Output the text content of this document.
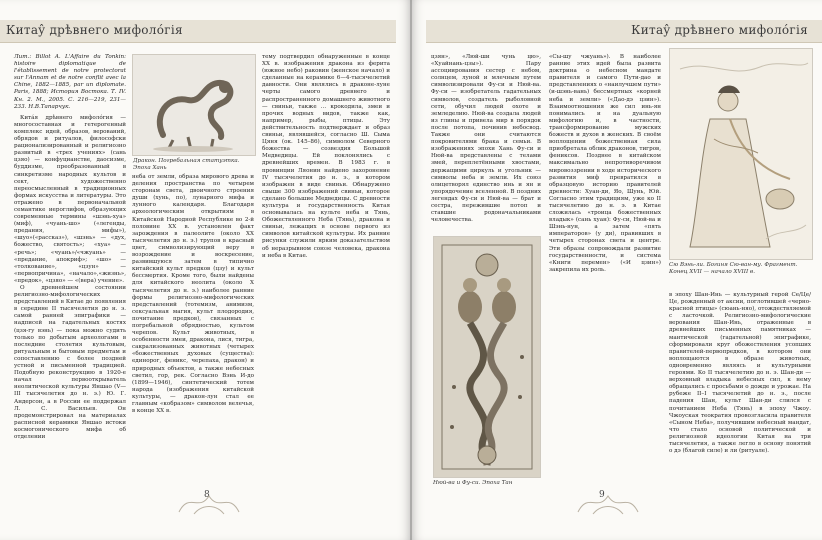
Китаŷ дрѣвнего мифолóгія

Лит.: Billot A. L'Affaire du Tonkin: histoire diplomatique de l'établissement de notre protectorat sur l'Annam et de notre conflit avec la Chine, 1882—1885, par un diplomate. Paris, 1888; История Востока. Т. IV. Кн. 2. М., 2005. С. 216—219, 231—233. Н.В.Тапарчук.

Китáя дрѣвнего мифолóгия — многосоставная и гетерогенный комплекс идей, образов, верований, обрядов и ритуалов, философски рационализированный и религиозно развитый в «трех учениях» (сань цзяо) — конфуцианстве, даосизме, буддизме, преобразованный в синкретизме народных культов и сект, художественно переосмысленный в традиционных формах искусства и литературы. Это отражено в первоначальной семантике иероглифов, образующих современные термины «шэнь-хуа» (миф), «чуань-шо» («легенды, предания, мифы»), «шуо»(«рассказ»), «шэнь» — «дух, божество, святость»; «хуа» — «речь»; «чуань»/«чжуань» — «предание, апокриф»; «шо» — «толкование», «цзун» — «первопричина», «начало»,«жизнь», «предок», «цзяо» — «(вера) учение».

О древнейшем состоянии религиозно-мифологических представлений в Китае до появления в середине II тысячелетия до н. э. самой ранней эпиграфики — надписей на гадательных костях (цзя-гу вэнь) — пока можно судить только по добытым археологами в последние столетия культовым, ритуальным и бытовым предметам и сопоставлению с более поздней устной и письменной традицией. Подобную реконструкцию в 1920-е начал первооткрыватель неолитической культуры Яншао (V—III тысячелетия до н. э.) Ю. Г. Андерсон, а в России ее поддержал Л. С. Васильев. Он продемонстрировал на материалах расписной керамики Яншао истоки космогонического мифа об отделении

Дракон. Погребальная статуэтка. Эпоха Хань

неба от земли, образа мирового древа и деления пространства по четырем сторонам света, двоичного строения души (хунь, по), лунарного мифа и лунного календаря. Благодаря археологическим открытиям в Китайской Народной Республике во 2-й половине XX в. установлен факт зарождения в палеолите (около XX тысячелетия до н. э.) трупов в красный цвет, символизирующий веру в возрождение и воскресение, развившуюся затем в типично китайский культ предков (цзу) и культ бессмертия. Кроме того, были найдены для китайского неолита (около X тысячелетия до н. э.) наиболее ранние формы религиозно-мифологических представлений (тотемизм, анимизм, сексуальная магия, культ плодородия, почитание предков), связанных с погребальной обрядностью, культом черепов. Культ животных, в особенности змеи, дракона, лися, тигра, сакрализованных животных (четырех «божественных духовых (существа): единорог, феникс, черепаха, дракон) и природных объектов, а также небесных светил, гор, рек. Согласно Вэнь И-до (1899—1946), синтетический тотем народа (изображения китайской культуры, — дракон-лун стал ее главным «кобразом» символом велечья, в конце ХХ в.

тему подтвердил обнаруженные в конце XX в. изображения дракона из ферита (южное небо) раковин (женское начало) и сделанные на керамике 6—4-тысячелетий давности. Они являлись в драконе-луне черты самого древнего и распространенного домашнего животного — свиньи, также ... крокодила, змеи и прочих водных видов, также как, например, рыбы, птицы. Эту действительность подтверждает и образ свиньи, являвшейся, согласно Ш. Сыма Цяня (ок. 145–86), символом Северного божества — созвездия Большой Медведицы. Ей поклонялись с древнейших времен. В 1983 г. в провинции Ляонин найдено захоронение IV тысячелетия до н. э., в котором изображен в виде свиньи. Обнаружено свыше 300 изображений свиньи, которое сделано большие Медведицы. С древности культура и государственность Китая основывалась на культе неба и Тянь, Обожествленного Неба (Тянь), дракона и свиньи, лежащих в основе первого из символов китайской культуры. Их ранние рисунки служили ярким доказательством об неразрывном союзе человека, дракона и неба в Китае.

8
Китаŷ дрѣвнего мифолóгія

цзян», «Люй-ши чунь цю», «Хуайнань-цзы»). Пару ассоциирования сестер с небом, солнцем, луной и млечным путем символизировали Фу-си и Нюй-ва. Фу-си — изобретатель гадательных символов, создатель рыболовной сети, обучил людей охоте и земледелию. Нюй-ва создала людей из глины и привела мир в порядок после потопа, починив небосвод. Также они считаются покровителями брака и семьи. В изображениях эпохи Хань Фу-си и Нюй-ва представлены с телами змей, переплетёнными хвостами, держащими циркуль и угольник — символы неба и земли. Их союз олицетворял единство инь и ян и упорядочение вселенной. В поздних легендах Фу-си и Нюй-ва — брат и сестра, пережившие потоп и ставшие родоначальниками человечества.

Нюй-ва и Фу-си. Эпоха Тан

«Сы-шу чжуань»). В наиболее ранние этих идей была развита доктрина о небесном мандате правителя и самого Пути-дао и представлениях о «наилучшем пути» (и-шэнь-вань) бессмертных «корней неба и земли» («Дао-дэ цзин»). Взаимоотношения же сил инь-ян понимались и на дуальную мифологию и, в частности, трансформирование мужских божеств и духов в женских. В своём воплощении божественная сила приобретала облик драконов, тигров, фениксов. Позднее в китайском максимально непротиворечивом мировоззрении в ходе исторического развития миф превратился в образцовую историю правителей древности: Хуан-ди, Яо, Шунь, Юй. Согласно этим традициям, уже ко II тысячелетию до н. э. в Китае сложилась «троица божественных владык» (сань хуан): Фу-си, Нюй-ва и Шэнь-нун, а затем «пять императоров» (у ди), правивших в четырех сторонах света и центре. Эти образы сопровождали развитие государственности, и система «Книги перемен» («И цзин») закрепила их роль.

Сю Вэнь-ли. Богиня Сю-ван-му. Фрагмент. Конец XVII — начало XVIII в.

в эпоху Шан-Инь — культурный герой Се/Це/Це, рожденный от аксии, поглотившей «черно-красной птицы» (сюань-няо), отождествляемой с ласточкой. Религиозно-мифологические верования Шан-Инь, отраженные в древнейших письменных памятниках — мантической (гадательной) эпиграфике, сформировали круг обожествления усопших правителей-первопредков, в котором они воплощаются в образе животных, одновременно являясь и культурными героями. Ко II тысячелетию до н. э. Шан-ди — верховный владыка небесных сил, к нему обращались с просьбами о дожде и урожае. На рубеже II–I тысячелетий до н. э., после падения Шан, культ Шан-ди слился с почитанием Неба (Тянь) в эпоху Чжоу. Чжоуская теократия провозгласила правителя «Сыном Неба», получившим небесный мандат, что стало основой политической и религиозной идеологии Китая на три тысячелетия, а также легло в основу понятий о дэ (благой силе) и ли (ритуале).

9
